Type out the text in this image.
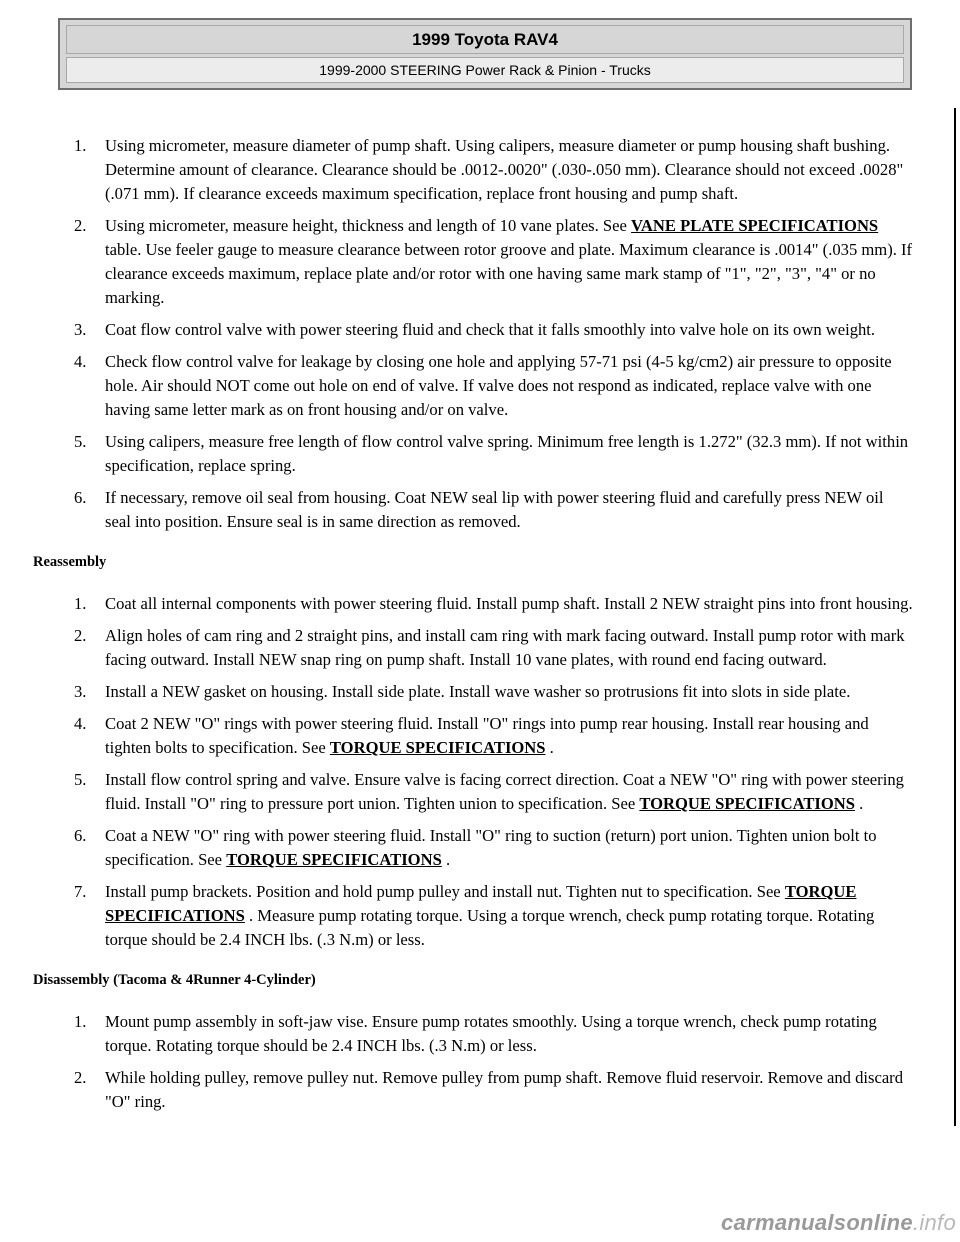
1999 Toyota RAV4
1999-2000 STEERING Power Rack & Pinion - Trucks
1. Using micrometer, measure diameter of pump shaft. Using calipers, measure diameter or pump housing shaft bushing. Determine amount of clearance. Clearance should be .0012-.0020" (.030-.050 mm). Clearance should not exceed .0028" (.071 mm). If clearance exceeds maximum specification, replace front housing and pump shaft.
2. Using micrometer, measure height, thickness and length of 10 vane plates. See VANE PLATE SPECIFICATIONS table. Use feeler gauge to measure clearance between rotor groove and plate. Maximum clearance is .0014" (.035 mm). If clearance exceeds maximum, replace plate and/or rotor with one having same mark stamp of "1", "2", "3", "4" or no marking.
3. Coat flow control valve with power steering fluid and check that it falls smoothly into valve hole on its own weight.
4. Check flow control valve for leakage by closing one hole and applying 57-71 psi (4-5 kg/cm2) air pressure to opposite hole. Air should NOT come out hole on end of valve. If valve does not respond as indicated, replace valve with one having same letter mark as on front housing and/or on valve.
5. Using calipers, measure free length of flow control valve spring. Minimum free length is 1.272" (32.3 mm). If not within specification, replace spring.
6. If necessary, remove oil seal from housing. Coat NEW seal lip with power steering fluid and carefully press NEW oil seal into position. Ensure seal is in same direction as removed.
Reassembly
1. Coat all internal components with power steering fluid. Install pump shaft. Install 2 NEW straight pins into front housing.
2. Align holes of cam ring and 2 straight pins, and install cam ring with mark facing outward. Install pump rotor with mark facing outward. Install NEW snap ring on pump shaft. Install 10 vane plates, with round end facing outward.
3. Install a NEW gasket on housing. Install side plate. Install wave washer so protrusions fit into slots in side plate.
4. Coat 2 NEW "O" rings with power steering fluid. Install "O" rings into pump rear housing. Install rear housing and tighten bolts to specification. See TORQUE SPECIFICATIONS .
5. Install flow control spring and valve. Ensure valve is facing correct direction. Coat a NEW "O" ring with power steering fluid. Install "O" ring to pressure port union. Tighten union to specification. See TORQUE SPECIFICATIONS .
6. Coat a NEW "O" ring with power steering fluid. Install "O" ring to suction (return) port union. Tighten union bolt to specification. See TORQUE SPECIFICATIONS .
7. Install pump brackets. Position and hold pump pulley and install nut. Tighten nut to specification. See TORQUE SPECIFICATIONS . Measure pump rotating torque. Using a torque wrench, check pump rotating torque. Rotating torque should be 2.4 INCH lbs. (.3 N.m) or less.
Disassembly (Tacoma & 4Runner 4-Cylinder)
1. Mount pump assembly in soft-jaw vise. Ensure pump rotates smoothly. Using a torque wrench, check pump rotating torque. Rotating torque should be 2.4 INCH lbs. (.3 N.m) or less.
2. While holding pulley, remove pulley nut. Remove pulley from pump shaft. Remove fluid reservoir. Remove and discard "O" ring.
carmanualsonline.info
